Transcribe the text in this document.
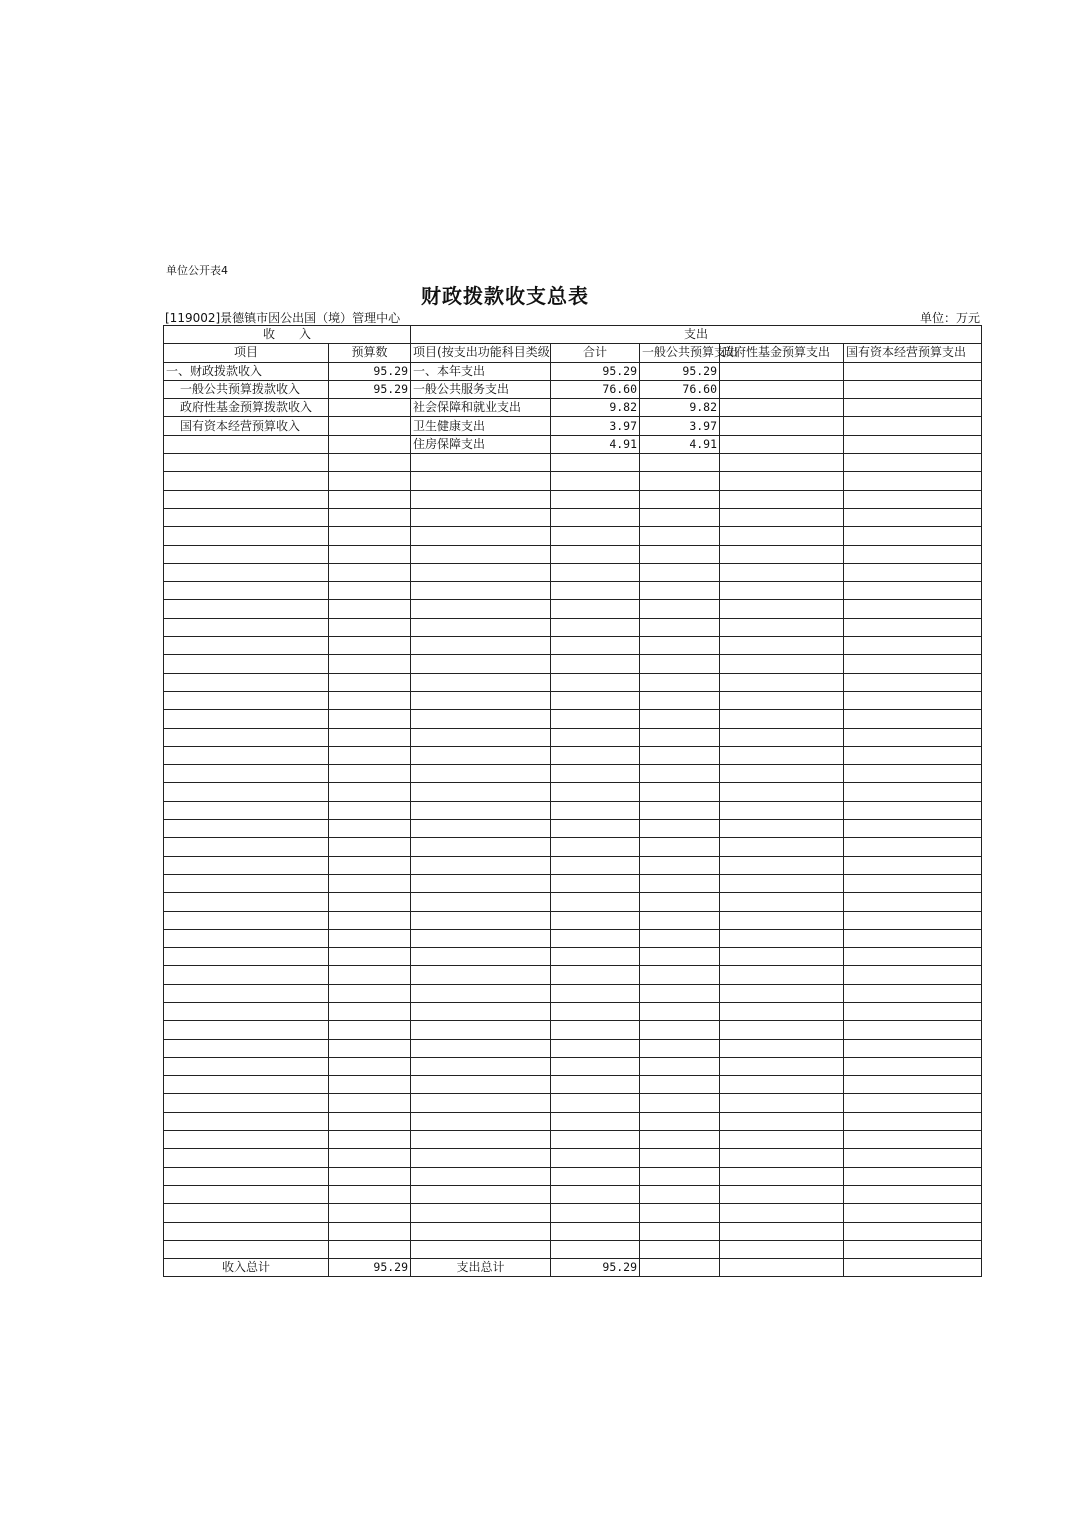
单位公开表4
财政拨款收支总表
[119002]景德镇市因公出国（境）管理中心	单位：万元
收　　入		支出				
项目	预算数	项目(按支出功能科目类级	合计	一般公共预算支出	政府性基金预算支出	国有资本经营预算支出
一、财政拨款收入	95.29	一、本年支出	95.29	95.29		
一般公共预算拨款收入	95.29	一般公共服务支出	76.60	76.60		
政府性基金预算拨款收入		社会保障和就业支出	9.82	9.82		
国有资本经营预算收入		卫生健康支出	3.97	3.97		
		住房保障支出	4.91	4.91		

收入总计	95.29	支出总计	95.29			
